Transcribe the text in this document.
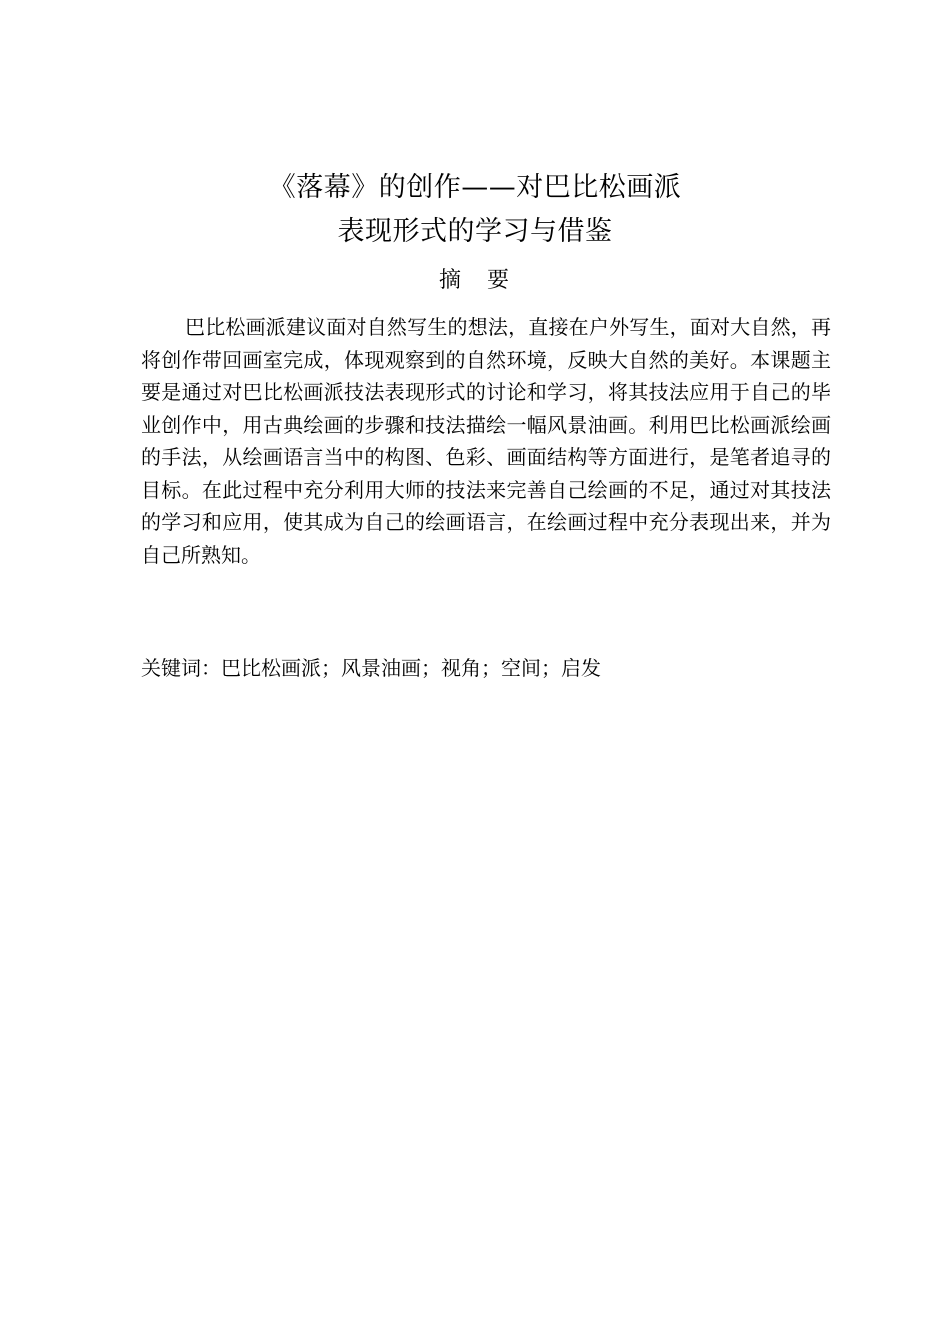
《落幕》的创作——对巴比松画派
表现形式的学习与借鉴
摘　要

巴比松画派建议面对自然写生的想法，直接在户外写生，面对大自然，再将创作带回画室完成，体现观察到的自然环境，反映大自然的美好。本课题主要是通过对巴比松画派技法表现形式的讨论和学习，将其技法应用于自己的毕业创作中，用古典绘画的步骤和技法描绘一幅风景油画。利用巴比松画派绘画的手法，从绘画语言当中的构图、色彩、画面结构等方面进行，是笔者追寻的目标。在此过程中充分利用大师的技法来完善自己绘画的不足，通过对其技法的学习和应用，使其成为自己的绘画语言，在绘画过程中充分表现出来，并为自己所熟知。

关键词：巴比松画派；风景油画；视角；空间；启发
